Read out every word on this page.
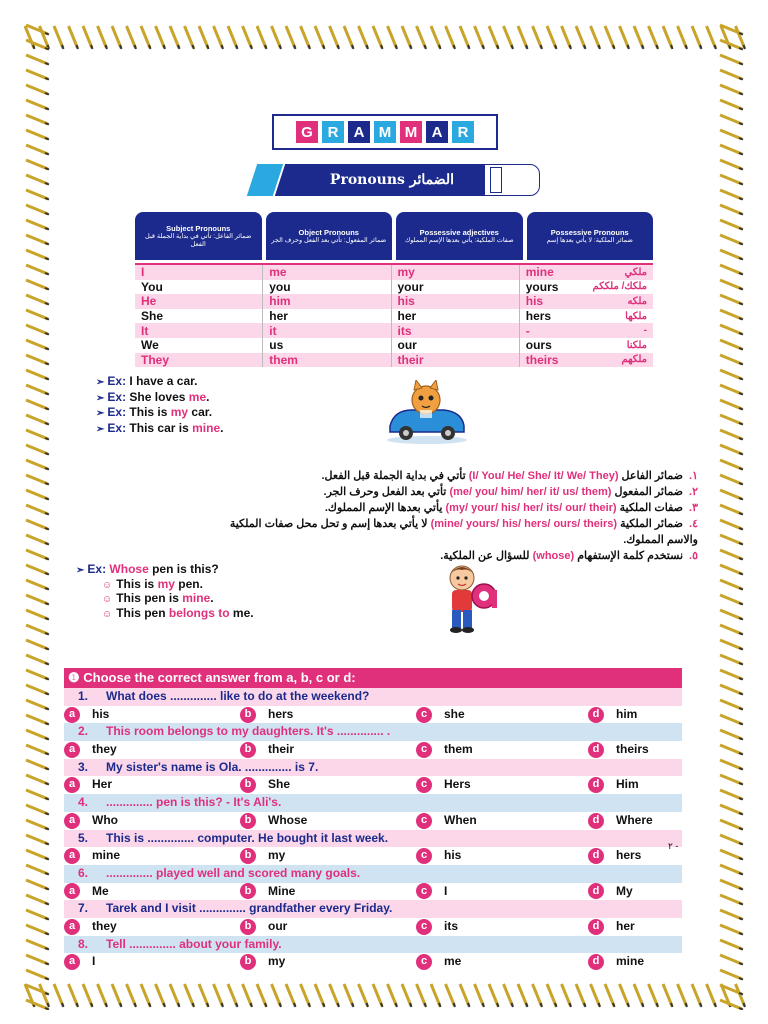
G R	A M M A	R
Pronouns الضمائر
Subject Pronouns
ضمائر الفاعل: تأتي في بداية الجملة قبل الفعل
Object Pronouns
ضمائر المفعول: تأتي بعد الفعل وحرف الجر
Possessive adjectives
صفات الملكية: يأتي بعدها الإسم المملوك
Possessive Pronouns
ضمائر الملكية: لا يأتي بعدها إسم
I	me	my	mine	ملكي
You	you	your	yours	ملكك/ ملككم
He	him	his	his	ملكه
She	her	her	hers	ملكها
It	it	its	-	-
We	us	our	ours	ملكنا
They	them	their	theirs	ملكهم
➣ Ex: I have a car.
➣ Ex: She loves me.
➣ Ex: This is my car.
➣ Ex: This car is mine.
١.ضمائر الفاعل (I/ You/ He/ She/ It/ We/ They) تأتي في بداية الجملة قبل الفعل.
٢.ضمائر المفعول (me/ you/ him/ her/ it/ us/ them) تأتي بعد الفعل وحرف الجر.
٣.صفات الملكية (my/ your/ his/ her/ its/ our/ their) يأتي بعدها الإسم المملوك.
٤.ضمائر الملكية (mine/ yours/ his/ hers/ ours/ theirs) لا يأتي بعدها إسم و تحل محل صفات الملكية
والاسم المملوك.
٥.نستخدم كلمة الإستفهام (whose) للسؤال عن الملكية.
➣ Ex: Whose pen is this?
☺ This is my pen.
☺ This pen is mine.
☺ This pen belongs to me.
❶ Choose the correct answer from a, b, c or d:
1.	What does .............. like to do at the weekend?
a	his	b	hers	c	she	d	him
2.	This room belongs to my daughters. It's .............. .
a	they	b	their	c	them	d	theirs
3.	My sister's name is Ola. .............. is 7.
a	Her	b	She	c	Hers	d	Him
4.	.............. pen is this? - It's Ali's.
a	Who	b	Whose	c	When	d	Where
5.	This is .............. computer. He bought it last week.
a	mine	b	my	c	his	d	hers
6.	.............. played well and scored many goals.
a	Me	b	Mine	c	I	d	My
7.	Tarek and I visit .............. grandfather every Friday.
a	they	b	our	c	its	d	her
8.	Tell .............. about your family.
a	I	b	my	c	me	d	mine
٢ -
